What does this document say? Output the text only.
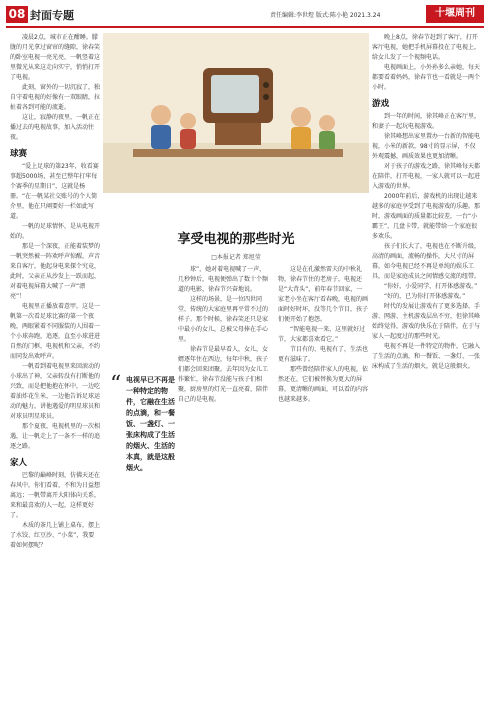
08 封面专题	责任编辑:李世煜 版式:陈小艳 2021.3.24	十堰周刊

凌晨2点，城市正在酣睡。朦胧的月光拿过窗帘的缝隙，徐春笑的卧室电视一亮光亮，一帆竖着这里微光从来这走向实宁，悄悄打开了电视。

此刻，窗外的一切沉寂了，独自守着电视的好像有一双眼睛，拉扯着各到可能的流逝。

这让，寂静的夜里，一帆正在播过去的电视故事，加入活动往夜。

球赛

“爱上足球的第23年，收看赛事超5000场，甚至已整年打牢每个赛季的星期日”，这就是杨冊。“在一帆某社交账号的个人简介里，他在只阐要好一栏如此写道。

一帆的足球情怀，是从电视开始的。

那是一个深夜，正能着装梦的一帆突然被一阵欢呼声惊醒，声音来自客厅，他起身电来探个究竟，此时，父亲正从沙发上一跃而起，对着电视屏幕大喊了一声“漂亮”！

电视里正播放着意甲，这是一帆第一次看足球比赛的第一个夜晚，两眼紧着不同服装的人围着一个小球奔跑，追逐，直至小球进进自然的门框，电视机和父亲，不约而同发出欢呼声。

一帆看到着电视里来回滚动的小球出了神，父亲转没有打断他的兴致，而是把他抱在怀中，一边吃着油炸花生米，一边他告诉足球运动的魅力，讲他遇爱的明星球员和对球员明星球员。

那个夏夜，电视机里的一次相遇，让一帆走上了一条不一样的追逐之路。

家人

巴黎的巅峰时刻，仿佛天还在春风中，你们看着，不和为日益想离远；一帆带离开大阳体向关系，来和最喜欢的人一起，这样更好了。

木质的茶几上铺上桌布，摆上了水饺、红豆沙、“小菜”，我要着如何摆呢？

享受电视的那些时光
□本报记者 郑旭莹
“ 电视早已不再是一种特定的物件，它融在生活的点滴，和一餐饭、一盏灯、一张床构成了生活的烟火、生活的本真，就是这般烟火。

球”，她对着电视喊了一声，几秒钟后，电视便弹出了数十个频道的电影，徐春节兴奋地说。

这样的场景，是一位四世同堂，传统的大家庭里再平常不过的样子。那个时候，徐春笑还只是家中最小的女儿，总被父母捧在手心里。

徐春节是最早看人，女儿，女婿逐年住在西边，每年中秋，孩子们都会回来团聚。去年因为女儿工作繁忙，徐春节没能与孩子们相聚，厨房里的灯光一直亮着，陪伴自己的是电视。

这是在孔激然雷夫的中秋礼物，徐春节住的老房子，电视还是“大背头”，前年春节回家，一家老小坐在客厅看春晚，电视的画面时好时坏，没等几个节目，孩子们便开始了抱怨。

“智能电视一来，这里就好过节，大家都喜欢看它。”

节目有的、电视有了，生活也更有滋味了。

那些曾经陪伴家人的电视，依然还在，它们被替换为更大的屏幕，更清晰的画面，可以看的内容也越来越多。

晚上8点，徐春节赶到了客厅，打开客厅电视，她把手机屏幕投在了电视上，给女儿发了一个视频电话。

电视画面上，小外孙多么亲她，每天都要看着妈妈，徐春节也一看就是一两个小时。

游戏

到一年的时间，徐其峰正在客厅里，和妻子一起玩电视游戏。

徐其峰想出家里置办一台新的智能电视，小米的新款，98寸的显示屏，不仅外观震撼，画质效果也更加清晰。

对于孩子的游戏之路，徐其峰每天都在陪伴，打开电视，一家人就可以一起进入游戏的世界。

2000年前后，游戏机的出现让越来越多的家庭享受到了电视游戏的乐趣。那时，游戏画面的质量都比较差，一台“小霸王”，几盘卡带，就能带给一个家庭很多欢乐。

孩子们长大了，电视也在不断升级，高清的画面，流畅的操作，大尺寸的屏幕，如今电视已经不再是单纯的娱乐工具，而是家庭成员之间情感交流的纽带。

“你好，小爱同学，打开体感游戏。”

“好的，已为你打开体感游戏。”

时代的发展让游戏有了更多选择，手游、网游、主机游戏层出不穷，但徐其峰始终觉得，游戏的快乐在于陪伴，在于与家人一起度过的那些时光。

电视不再是一件特定的物件，它融入了生活的点滴，和一餐饭、一盏灯、一张床构成了生活的烟火，就是这般烟火。
